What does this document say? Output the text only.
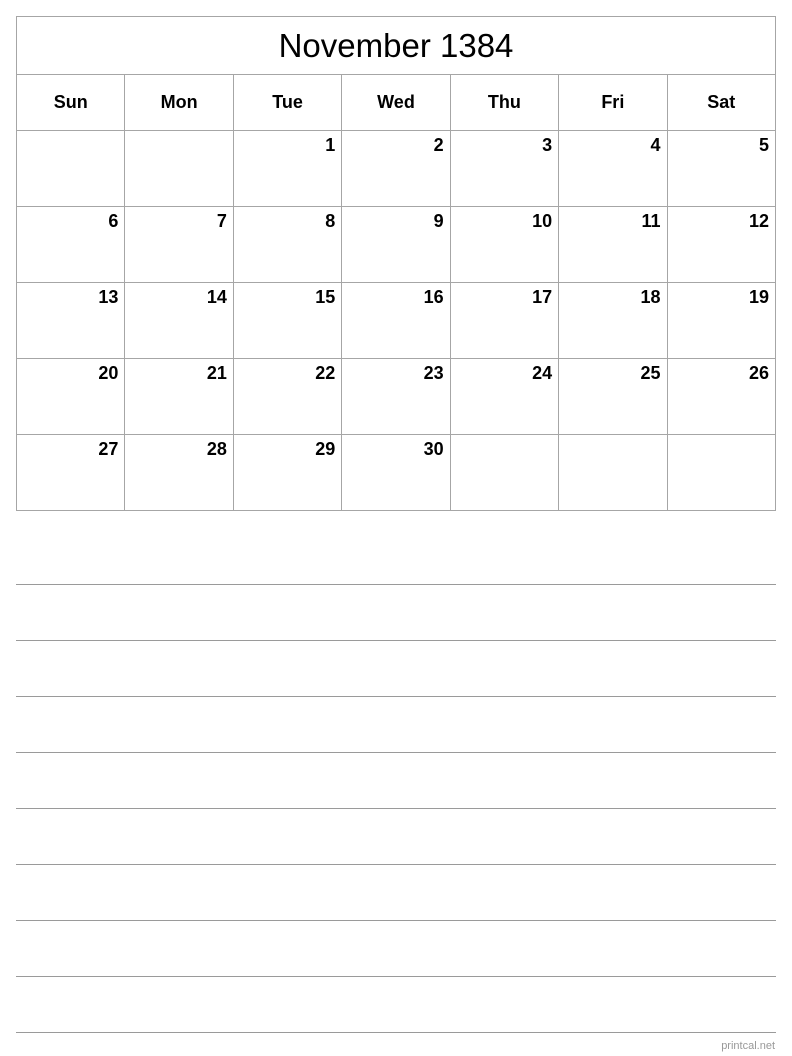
November 1384						
Sun	Mon	Tue	Wed	Thu	Fri	Sat
		1	2	3	4	5
6	7	8	9	10	11	12
13	14	15	16	17	18	19
20	21	22	23	24	25	26
27	28	29	30			
printcal.net
